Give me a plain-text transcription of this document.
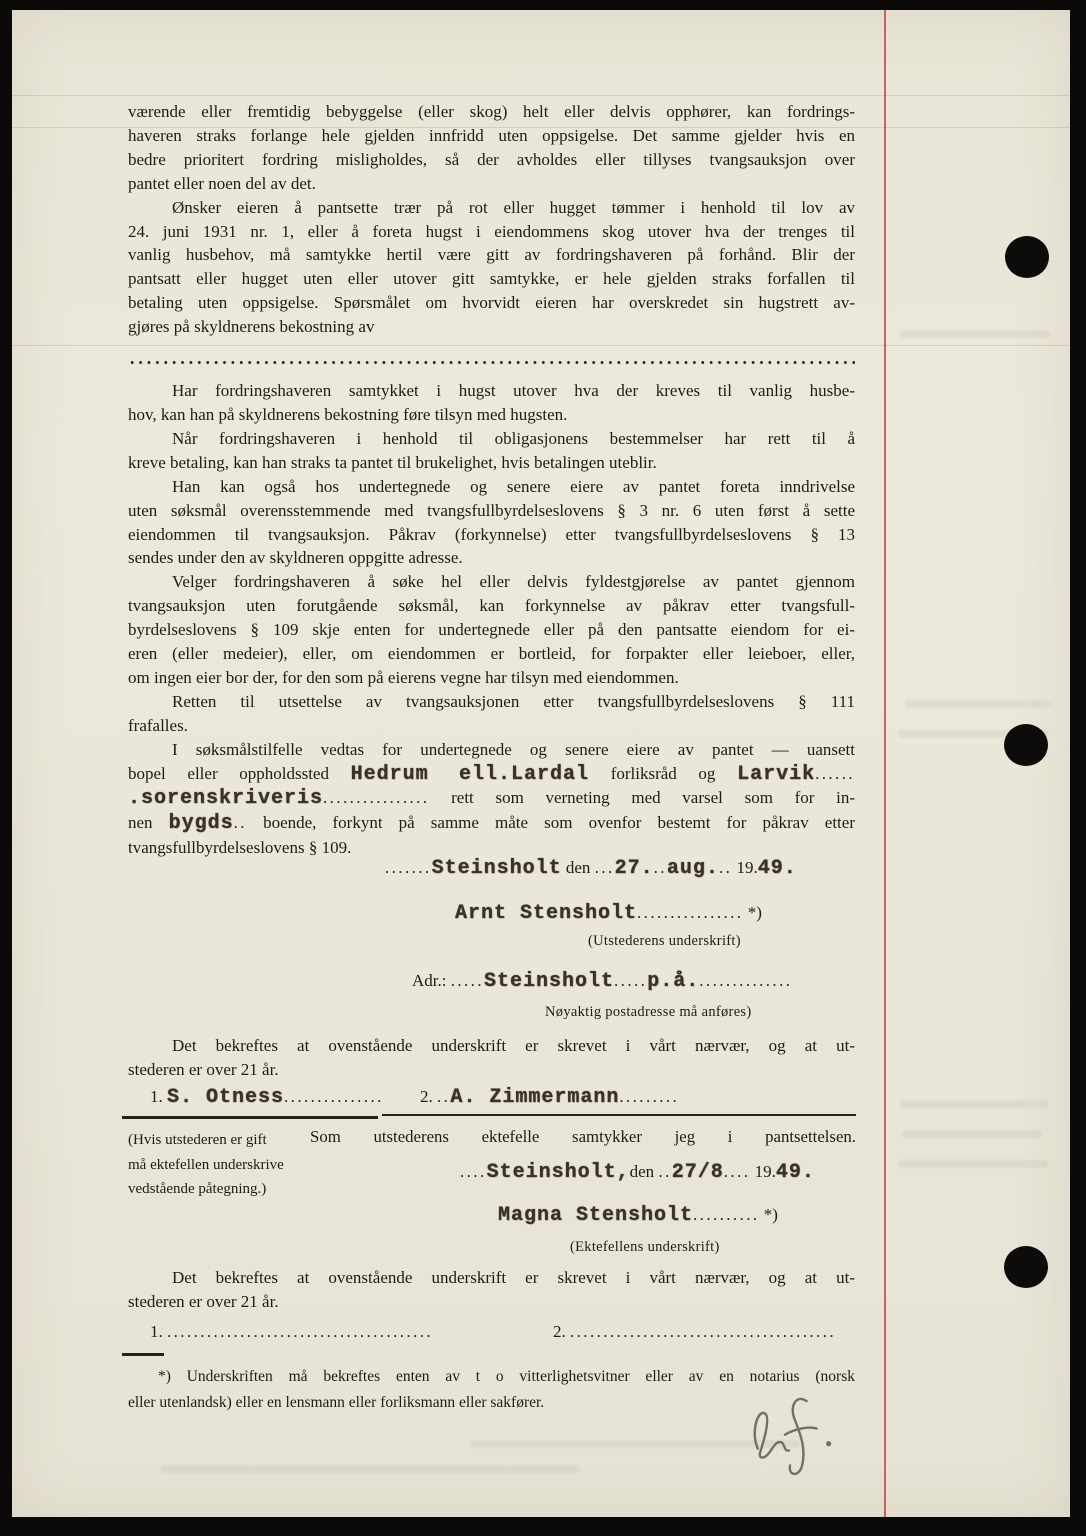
værende eller fremtidig bebyggelse (eller skog) helt eller delvis opphører, kan fordrings-
haveren straks forlange hele gjelden innfridd uten oppsigelse. Det samme gjelder hvis en
bedre prioritert fordring misligholdes, så der avholdes eller tillyses tvangsauksjon over
pantet eller noen del av det.
Ønsker eieren å pantsette trær på rot eller hugget tømmer i henhold til lov av
24. juni 1931 nr. 1, eller å foreta hugst i eiendommens skog utover hva der trenges til
vanlig husbehov, må samtykke hertil være gitt av fordringshaveren på forhånd. Blir der
pantsatt eller hugget uten eller utover gitt samtykke, er hele gjelden straks forfallen til
betaling uten oppsigelse. Spørsmålet om hvorvidt eieren har overskredet sin hugstrett av-
gjøres på skyldnerens bekostning av
Har fordringshaveren samtykket i hugst utover hva der kreves til vanlig husbe-
hov, kan han på skyldnerens bekostning føre tilsyn med hugsten.
Når fordringshaveren i henhold til obligasjonens bestemmelser har rett til å
kreve betaling, kan han straks ta pantet til brukelighet, hvis betalingen uteblir.
Han kan også hos undertegnede og senere eiere av pantet foreta inndrivelse
uten søksmål overensstemmende med tvangsfullbyrdelseslovens § 3 nr. 6 uten først å sette
eiendommen til tvangsauksjon. Påkrav (forkynnelse) etter tvangsfullbyrdelseslovens § 13
sendes under den av skyldneren oppgitte adresse.
Velger fordringshaveren å søke hel eller delvis fyldestgjørelse av pantet gjennom
tvangsauksjon uten forutgående søksmål, kan forkynnelse av påkrav etter tvangsfull-
byrdelseslovens § 109 skje enten for undertegnede eller på den pantsatte eiendom for ei-
eren (eller medeier), eller, om eiendommen er bortleid, for forpakter eller leieboer, eller,
om ingen eier bor der, for den som på eierens vegne har tilsyn med eiendommen.
Retten til utsettelse av tvangsauksjonen etter tvangsfullbyrdelseslovens § 111
frafalles.
I søksmålstilfelle vedtas for undertegnede og senere eiere av pantet — uansett
bopel eller oppholdssted Hedrum ell.Lardal forliksråd og Larvik......
.sorenskriveris................ rett som verneting med varsel som for in-
nen bygds.. boende, forkynt på samme måte som ovenfor bestemt for påkrav etter
tvangsfullbyrdelseslovens § 109.
.......Steinsholt den ...27...aug... 19.49.
Arnt Stensholt................ *)
(Utstederens underskrift)
Adr.: .....Steinsholt.....p.å...............
Nøyaktig postadresse må anføres)
Det bekreftes at ovenstående underskrift er skrevet i vårt nærvær, og at ut-
stederen er over 21 år.
1. S. Otness............... 2. ..A. Zimmermann.........
(Hvis utstederen er gift
må ektefellen underskrive
vedstående påtegning.)
Som utstederens ektefelle samtykker jeg i pantsettelsen.
....Steinsholt,den ..27/8.... 19.49.
Magna Stensholt.......... *)
(Ektefellens underskrift)
Det bekreftes at ovenstående underskrift er skrevet i vårt nærvær, og at ut-
stederen er over 21 år.
1. ........................................	2. ........................................
*) Underskriften må bekreftes enten av t o vitterlighetsvitner eller av en notarius (norsk
eller utenlandsk) eller en lensmann eller forliksmann eller sakfører.
